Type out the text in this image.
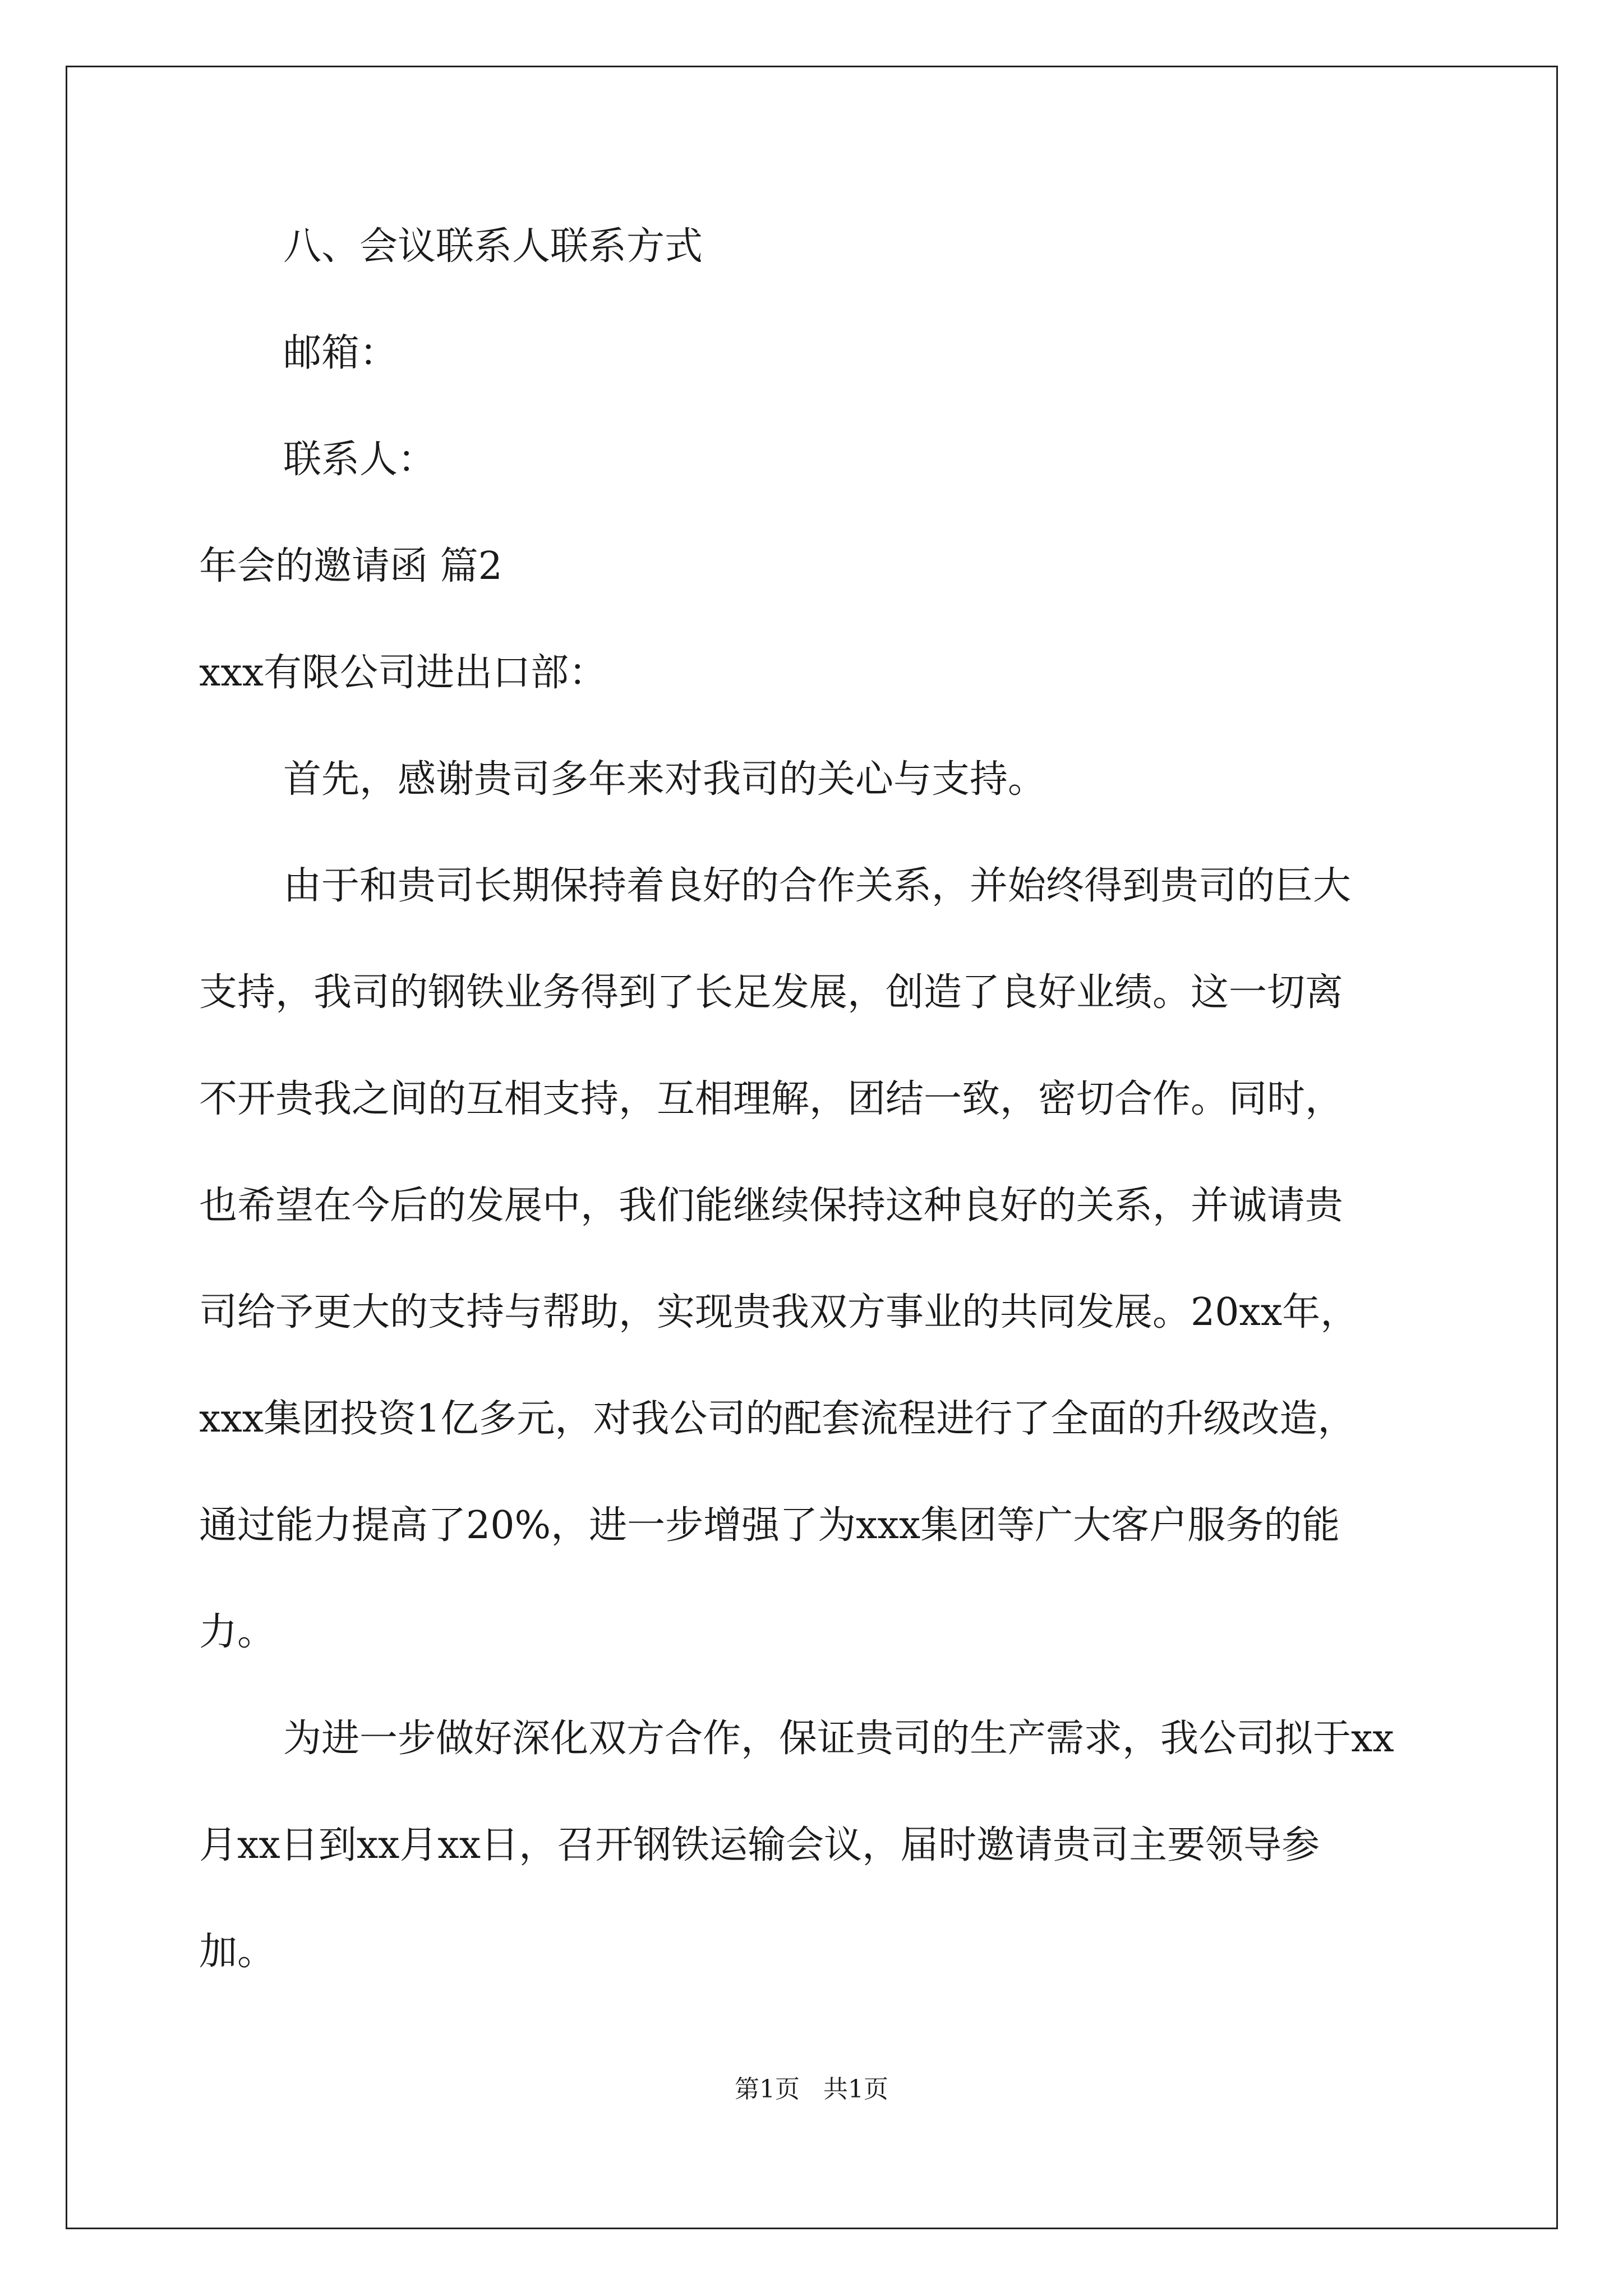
八、会议联系人联系方式
邮箱：
联系人：
年会的邀请函 篇2
xxx有限公司进出口部：
首先，感谢贵司多年来对我司的关心与支持。
由于和贵司长期保持着良好的合作关系，并始终得到贵司的巨大
支持，我司的钢铁业务得到了长足发展，创造了良好业绩。这一切离
不开贵我之间的互相支持，互相理解，团结一致，密切合作。同时，
也希望在今后的发展中，我们能继续保持这种良好的关系，并诚请贵
司给予更大的支持与帮助，实现贵我双方事业的共同发展。20xx年，
xxx集团投资1亿多元，对我公司的配套流程进行了全面的升级改造，
通过能力提高了20%，进一步增强了为xxx集团等广大客户服务的能
力。
为进一步做好深化双方合作，保证贵司的生产需求，我公司拟于xx
月xx日到xx月xx日，召开钢铁运输会议，届时邀请贵司主要领导参
加。
第1页   共1页
